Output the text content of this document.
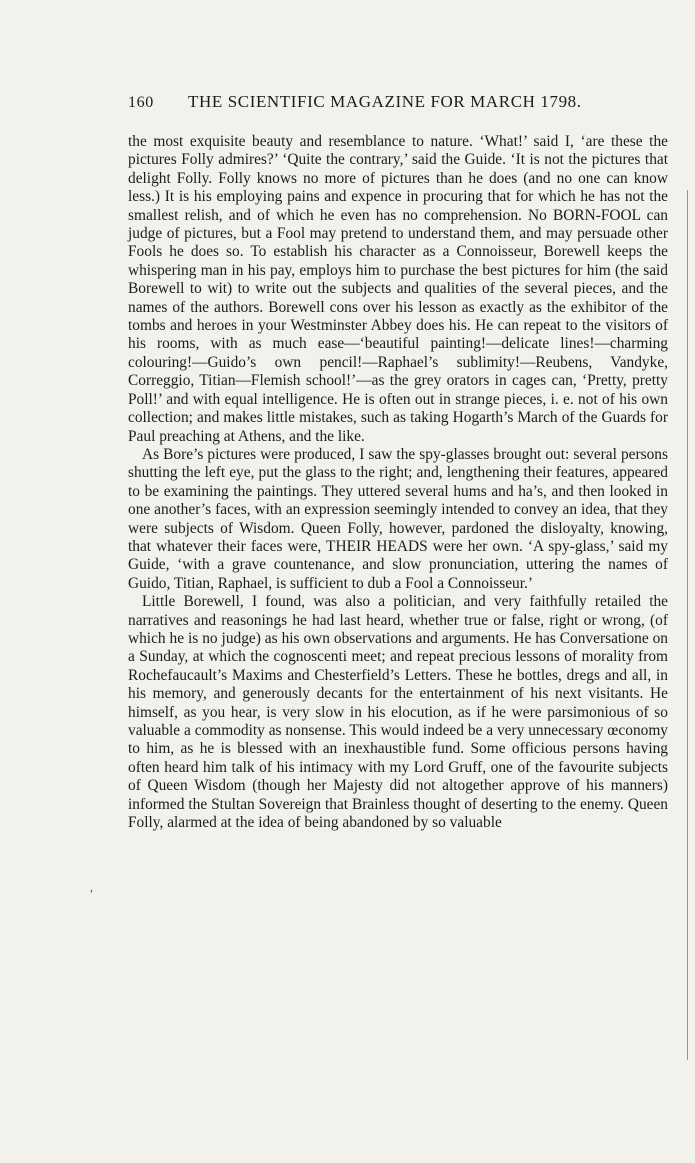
160	THE SCIENTIFIC MAGAZINE FOR MARCH 1798.

the most exquisite beauty and resemblance to nature. ‘What!’ said I, ‘are these the pictures Folly admires?’ ‘Quite the contrary,’ said the Guide. ‘It is not the pictures that delight Folly. Folly knows no more of pictures than he does (and no one can know less.) It is his employing pains and expence in procuring that for which he has not the smallest relish, and of which he even has no comprehension. No BORN-FOOL can judge of pictures, but a Fool may pretend to understand them, and may persuade other Fools he does so. To establish his character as a Connoisseur, Borewell keeps the whispering man in his pay, employs him to purchase the best pictures for him (the said Borewell to wit) to write out the subjects and qualities of the several pieces, and the names of the authors. Borewell cons over his lesson as exactly as the exhibitor of the tombs and heroes in your Westminster Abbey does his. He can repeat to the visitors of his rooms, with as much ease—‘beautiful painting!—delicate lines!—charming colouring!—Guido’s own pencil!—Raphael’s sublimity!—Reubens, Vandyke, Correggio, Titian—Flemish school!’—as the grey orators in cages can, ‘Pretty, pretty Poll!’ and with equal intelligence. He is often out in strange pieces, i. e. not of his own collection; and makes little mistakes, such as taking Hogarth’s March of the Guards for Paul preaching at Athens, and the like.

As Bore’s pictures were produced, I saw the spy-glasses brought out: several persons shutting the left eye, put the glass to the right; and, lengthening their features, appeared to be examining the paintings. They uttered several hums and ha’s, and then looked in one another’s faces, with an expression seemingly intended to convey an idea, that they were subjects of Wisdom. Queen Folly, however, pardoned the disloyalty, knowing, that whatever their faces were, THEIR HEADS were her own. ‘A spy-glass,’ said my Guide, ‘with a grave countenance, and slow pronunciation, uttering the names of Guido, Titian, Raphael, is sufficient to dub a Fool a Connoisseur.’

Little Borewell, I found, was also a politician, and very faithfully retailed the narratives and reasonings he had last heard, whether true or false, right or wrong, (of which he is no judge) as his own observations and arguments. He has Conversatione on a Sunday, at which the cognoscenti meet; and repeat precious lessons of morality from Rochefaucault’s Maxims and Chesterfield’s Letters. These he bottles, dregs and all, in his memory, and generously decants for the entertainment of his next visitants. He himself, as you hear, is very slow in his elocution, as if he were parsimonious of so valuable a commodity as nonsense. This would indeed be a very unnecessary œconomy to him, as he is blessed with an inexhaustible fund. Some officious persons having often heard him talk of his intimacy with my Lord Gruff, one of the favourite subjects of Queen Wisdom (though her Majesty did not altogether approve of his manners) informed the Stultan Sovereign that Brainless thought of deserting to the enemy. Queen Folly, alarmed at the idea of being abandoned by so valuable

,
